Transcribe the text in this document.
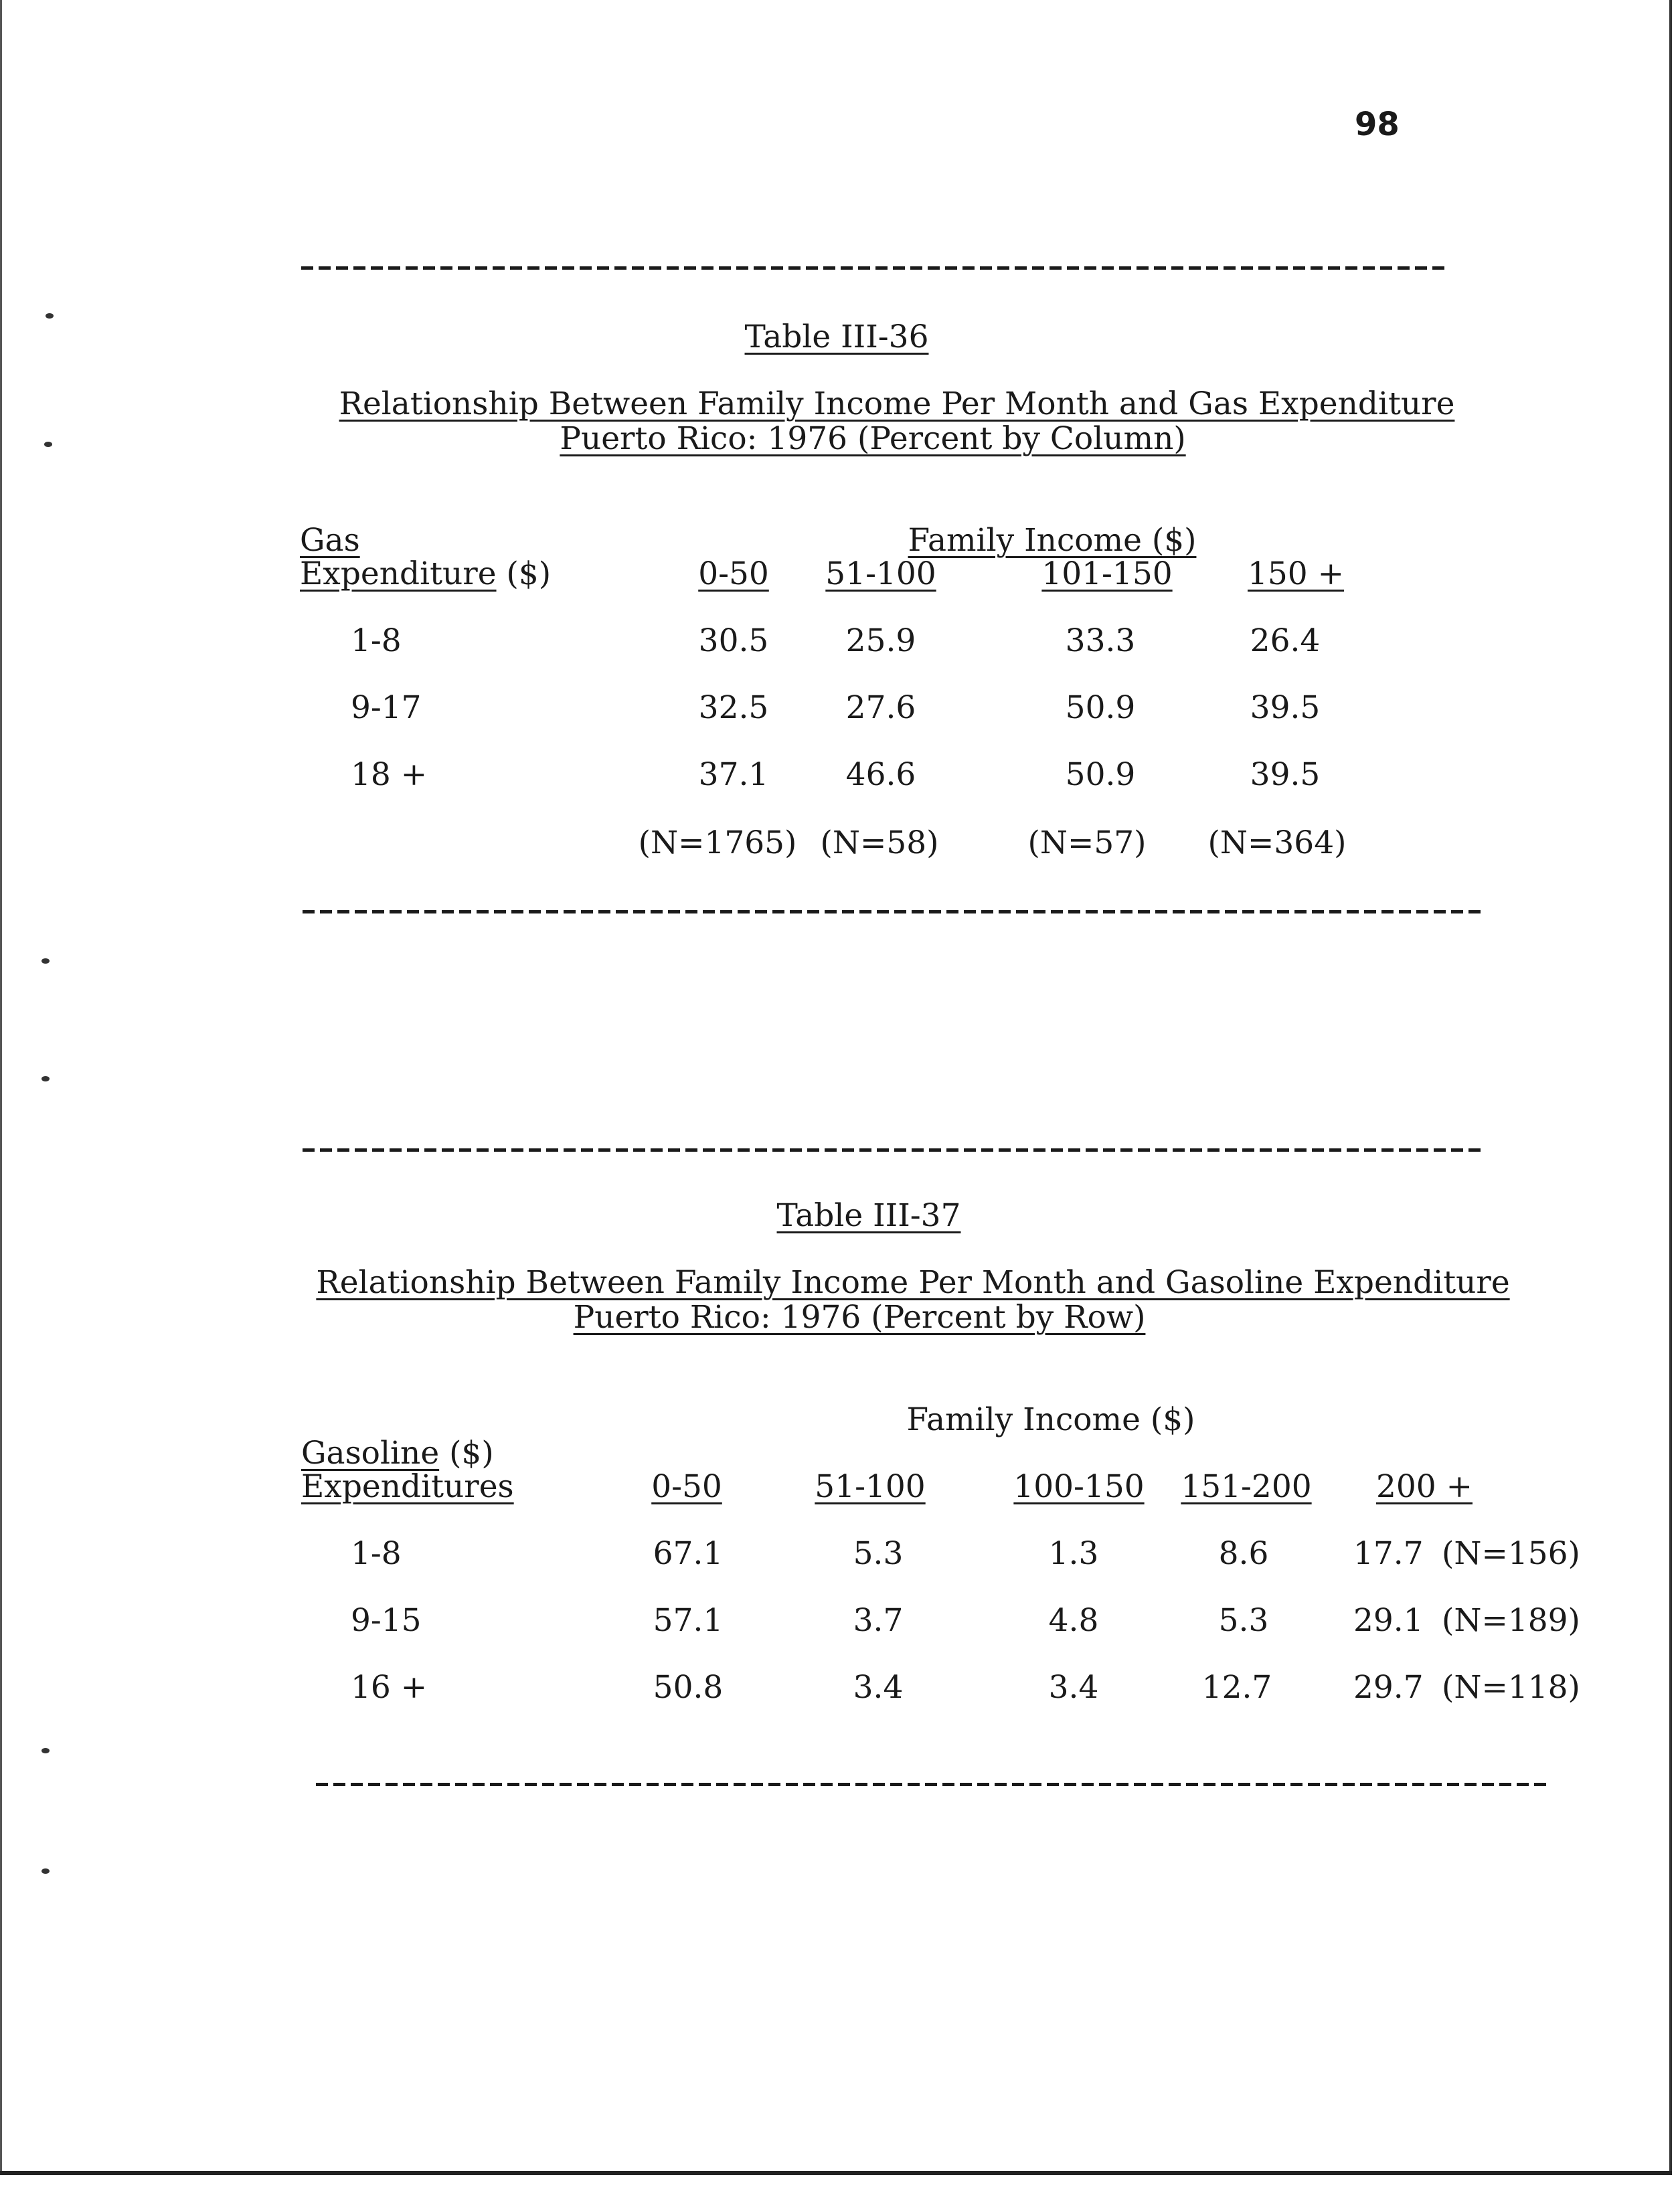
98
Table III-36
Relationship Between Family Income Per Month and Gas Expenditure
Puerto Rico: 1976 (Percent by Column)
Gas
Expenditure ($)
Family Income ($)
0-50 51-100	101-150 150 +
1-8	30.5 25.9	33.3	26.4
9-17	32.5 27.6	50.9	39.5
18 +	37.1 46.6	50.9	39.5
(N=1765) (N=58)	(N=57) (N=364)
Table III-37
Relationship Between Family Income Per Month and Gasoline Expenditure
Puerto Rico: 1976 (Percent by Row)
Family Income ($)
Gasoline ($)
Expenditures	0-50	51-100	100-150 151-200 200 +
1-8	67.1	5.3	1.3	8.6	17.7 (N=156)
9-15	57.1	3.7	4.8	5.3	29.1 (N=189)
16 +	50.8	3.4	3.4	12.7	29.7 (N=118)
